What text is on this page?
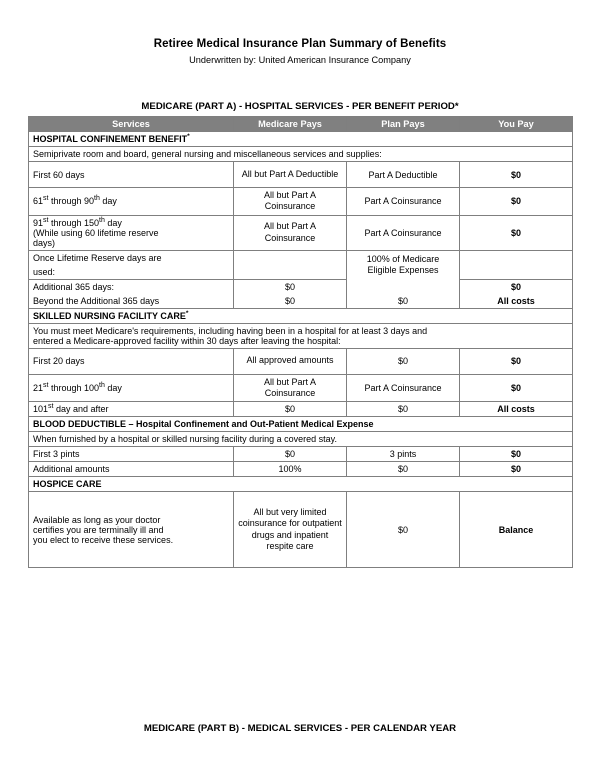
Retiree Medical Insurance Plan Summary of Benefits
Underwritten by: United American Insurance Company
MEDICARE (PART A) - HOSPITAL SERVICES - PER BENEFIT PERIOD*
Services	Medicare Pays	Plan Pays	You Pay
HOSPITAL CONFINEMENT BENEFIT*
Semiprivate room and board, general nursing and miscellaneous services and supplies:			
First 60 days	All but Part A Deductible	Part A Deductible	$0
61st through 90th day	All but Part A Coinsurance	Part A Coinsurance	$0

91st through 150th day
(While using 60 lifetime reserve
days)	All but Part A Coinsurance	Part A Coinsurance	$0
Once Lifetime Reserve days are		100% of Medicare Eligible Expenses	
used:			
Additional 365 days:	$0		$0
Beyond the Additional 365 days	$0	$0	All costs
SKILLED NURSING FACILITY CARE*

You must meet Medicare's requirements, including having been in a hospital for at least 3 days and
entered a Medicare-approved facility within 30 days after leaving the hospital:			

First 20 days	All approved amounts	$0	$0
21st through 100th day	All but Part A Coinsurance	Part A Coinsurance	$0
101st day and after	$0	$0	All costs
BLOOD DEDUCTIBLE – Hospital Confinement and Out-Patient Medical Expense			
When furnished by a hospital or skilled nursing facility during a covered stay.			
First 3 pints	$0	3 pints	$0
Additional amounts	100%	$0	$0
HOSPICE CARE			

Available as long as your doctor
certifies you are terminally ill and
you elect to receive these services.	All but very limited coinsurance for outpatient drugs and inpatient respite care	$0	Balance
MEDICARE (PART B) - MEDICAL SERVICES - PER CALENDAR YEAR
